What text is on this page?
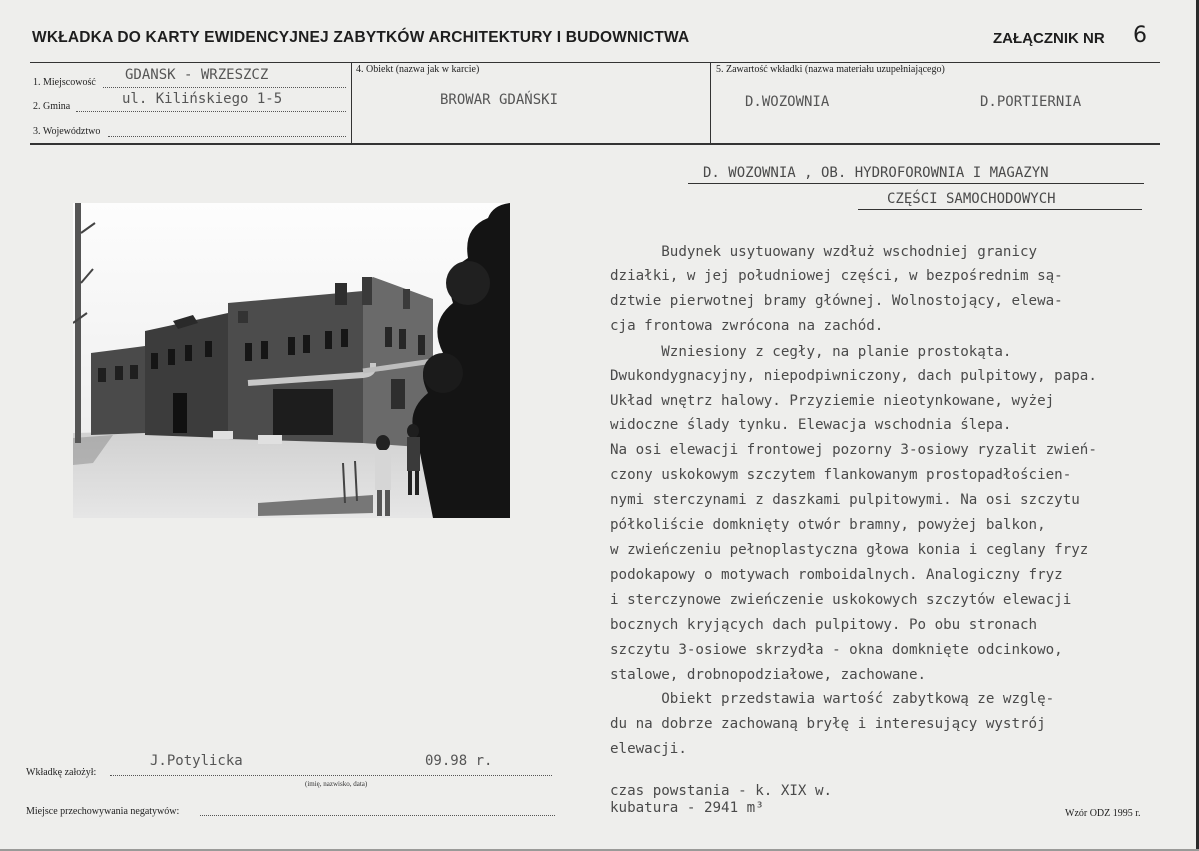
WKŁADKA DO KARTY EWIDENCYJNEJ ZABYTKÓW ARCHITEKTURY I BUDOWNICTWA	ZAŁĄCZNIK NR 6
1. Miejscowość GDANSK - WRZESZCZ
2. Gmina	ul. Kilińskiego 1-5
3. Województwo
4. Obiekt (nazwa jak w karcie)
BROWAR GDAŃSKI
5. Zawartość wkładki (nazwa materiału uzupełniającego)
D.WOZOWNIA	D.PORTIERNIA
D. WOZOWNIA , OB. HYDROFOROWNIA I MAGAZYN
CZĘŚCI SAMOCHODOWYCH
Budynek usytuowany wzdłuż wschodniej granicy
działki, w jej południowej części, w bezpośrednim są-
dztwie pierwotnej bramy głównej. Wolnostojący, elewa-
cja frontowa zwrócona na zachód.
Wzniesiony z cegły, na planie prostokąta.
Dwukondygnacyjny, niepodpiwniczony, dach pulpitowy, papa.
Układ wnętrz halowy. Przyziemie nieotynkowane, wyżej
widoczne ślady tynku. Elewacja wschodnia ślepa.
Na osi elewacji frontowej pozorny 3-osiowy ryzalit zwień-
czony uskokowym szczytem flankowanym prostopadłościen-
nymi sterczynami z daszkami pulpitowymi. Na osi szczytu
półkoliście domknięty otwór bramny, powyżej balkon,
w zwieńczeniu pełnoplastyczna głowa konia i ceglany fryz
podokapowy o motywach romboidalnych. Analogiczny fryz
i sterczynowe zwieńczenie uskokowych szczytów elewacji
bocznych kryjących dach pulpitowy. Po obu stronach
szczytu 3-osiowe skrzydła - okna domknięte odcinkowo,
stalowe, drobnopodziałowe, zachowane.
Obiekt przedstawia wartość zabytkową ze wzglę-
du na dobrze zachowaną bryłę i interesujący wystrój
elewacji.
czas powstania - k. XIX w.
kubatura - 2941 m³
Wkładkę założył:
J.Potylicka	09.98 r.
(imię, nazwisko, data)
Miejsce przechowywania negatywów:	Wzór ODZ 1995 r.
